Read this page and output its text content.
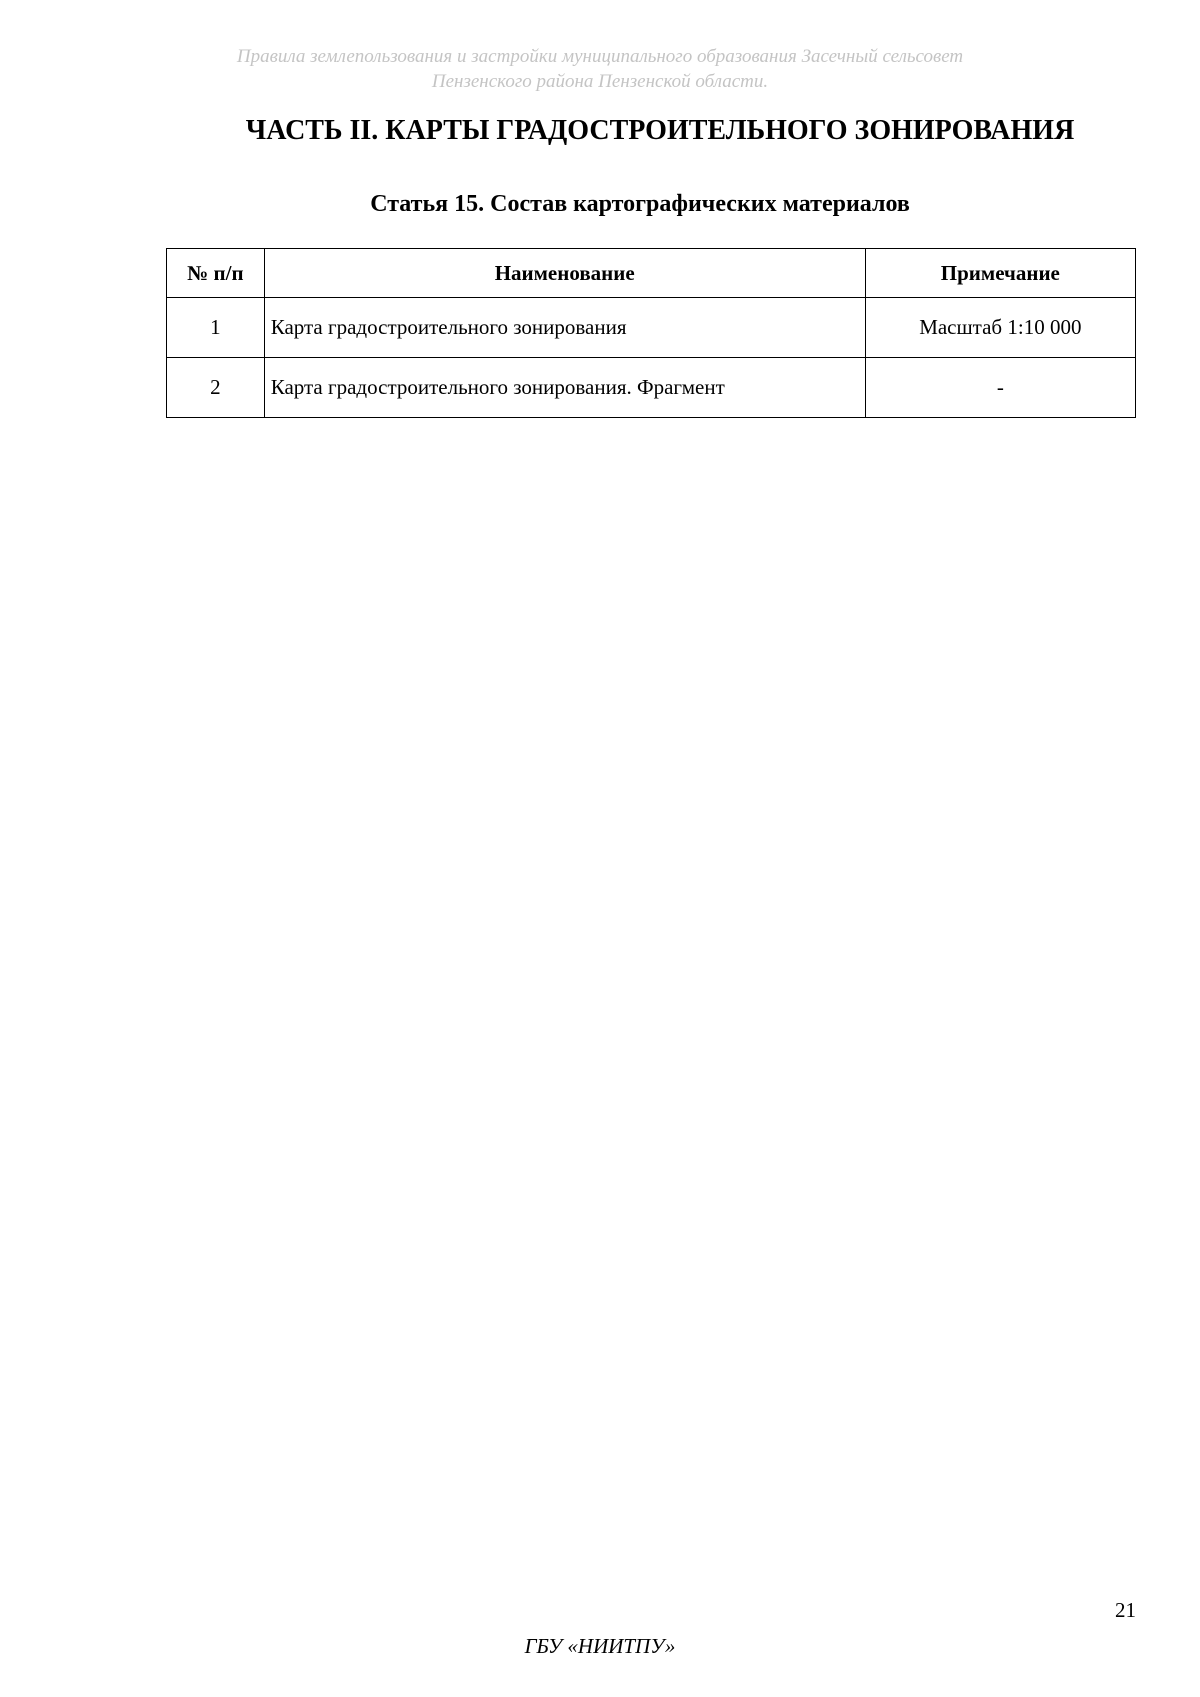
Правила землепользования и застройки муниципального образования Засечный сельсовет
Пензенского района Пензенской области.
ЧАСТЬ II. КАРТЫ ГРАДОСТРОИТЕЛЬНОГО ЗОНИРОВАНИЯ
Статья 15. Состав картографических материалов
№ п/п	Наименование	Примечание
1	Карта градостроительного зонирования	Масштаб 1:10 000
2	Карта градостроительного зонирования. Фрагмент	-
21
ГБУ «НИИТПУ»
